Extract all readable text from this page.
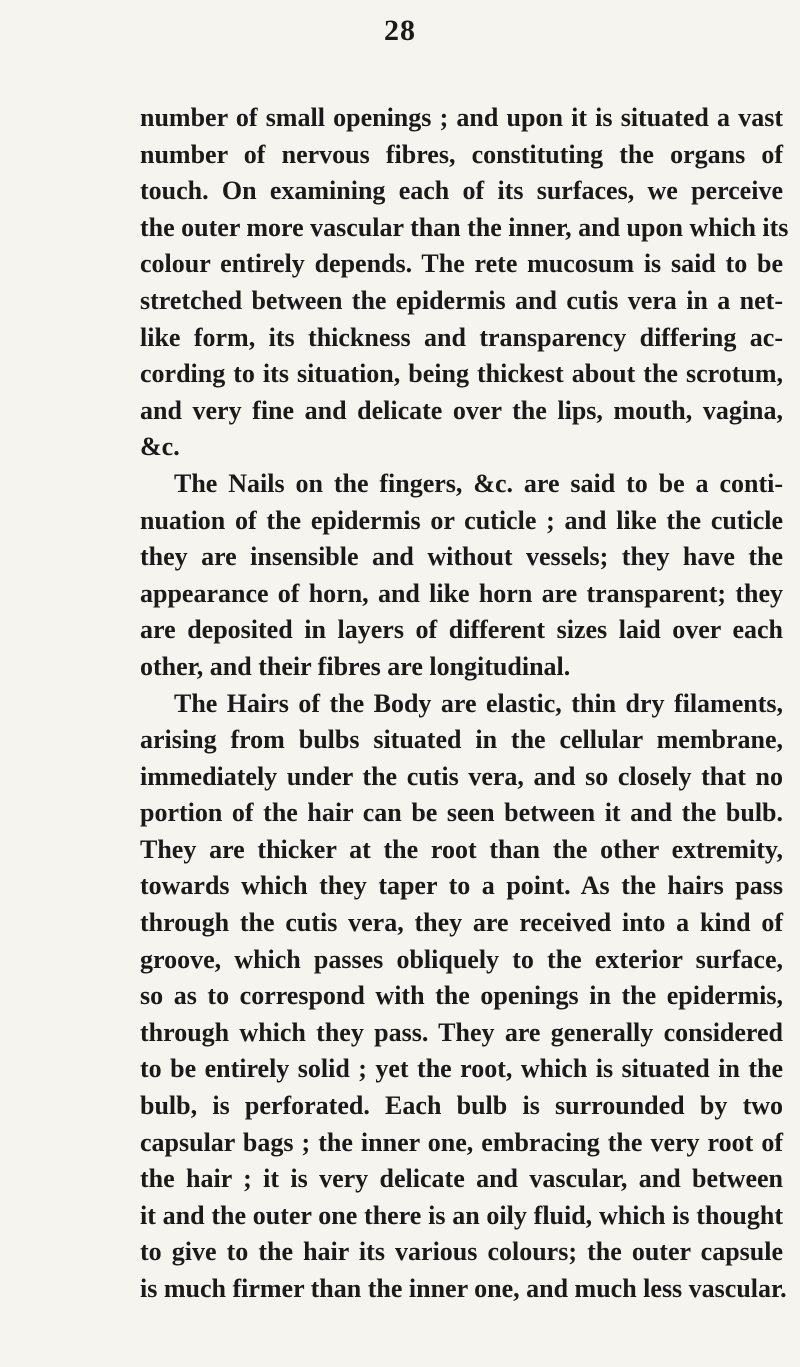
28
number of small openings ; and upon it is situated a vast
number of nervous fibres, constituting the organs of
touch. On examining each of its surfaces, we perceive
the outer more vascular than the inner, and upon which its
colour entirely depends. The rete mucosum is said to be
stretched between the epidermis and cutis vera in a net-
like form, its thickness and transparency differing ac-
cording to its situation, being thickest about the scrotum,
and very fine and delicate over the lips, mouth, vagina,
&c.
The Nails on the fingers, &c. are said to be a conti-
nuation of the epidermis or cuticle ; and like the cuticle
they are insensible and without vessels; they have the
appearance of horn, and like horn are transparent; they
are deposited in layers of different sizes laid over each
other, and their fibres are longitudinal.
The Hairs of the Body are elastic, thin dry filaments,
arising from bulbs situated in the cellular membrane,
immediately under the cutis vera, and so closely that no
portion of the hair can be seen between it and the bulb.
They are thicker at the root than the other extremity,
towards which they taper to a point. As the hairs pass
through the cutis vera, they are received into a kind of
groove, which passes obliquely to the exterior surface,
so as to correspond with the openings in the epidermis,
through which they pass. They are generally considered
to be entirely solid ; yet the root, which is situated in the
bulb, is perforated. Each bulb is surrounded by two
capsular bags ; the inner one, embracing the very root of
the hair ; it is very delicate and vascular, and between
it and the outer one there is an oily fluid, which is thought
to give to the hair its various colours; the outer capsule
is much firmer than the inner one, and much less vascular.
